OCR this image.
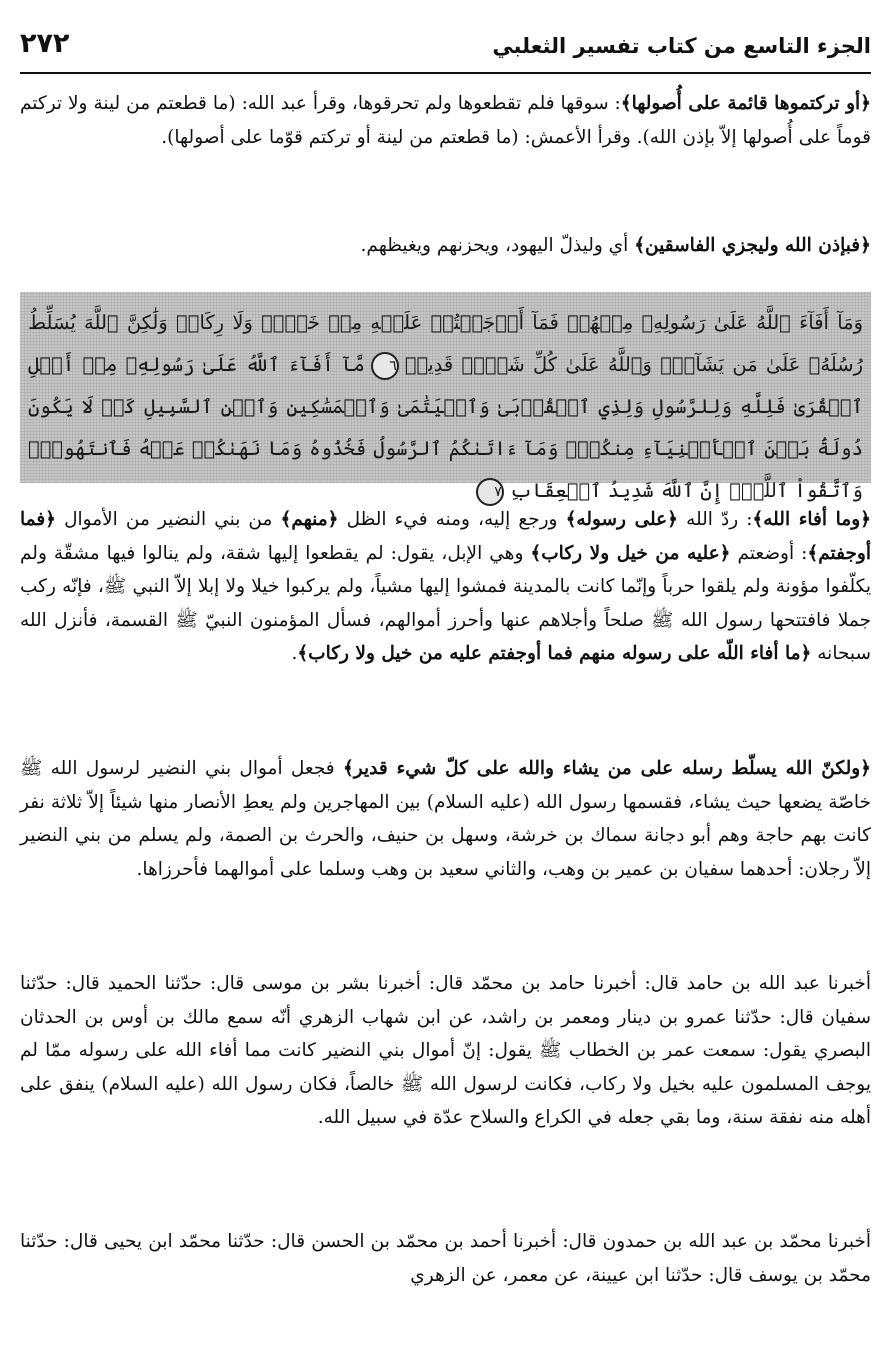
٢٧٢	الجزء التاسع من كتاب تفسير الثعلبي

﴿أو تركتموها قائمة على أُصولها﴾: سوقها فلم تقطعوها ولم تحرقوها، وقرأ عبد الله: (ما قطعتم من لينة ولا تركتم قوماً على أُصولها إلاّ بإذن الله). وقرأ الأعمش: (ما قطعتم من لينة أو تركتم قوّما على أصولها).

﴿فبإذن الله وليجزي الفاسقين﴾ أي وليذلّ اليهود، ويحزنهم ويغيظهم.

وَمَآ أَفَآءَ ٱللَّهُ عَلَىٰ رَسُولِهِۦ مِنۡهُمۡ فَمَآ أَوۡجَفۡتُمۡ عَلَيۡهِ مِنۡ خَيۡلٖ وَلَا رِكَابٖ وَلَٰكِنَّ ٱللَّهَ يُسَلِّطُ رُسُلَهُۥ عَلَىٰ مَن يَشَآءُۚ وَٱللَّهُ عَلَىٰ كُلِّ شَيۡءٖ قَدِيرٞ٦مَّآ أَفَآءَ ٱللَّهُ عَلَىٰ رَسُولِهِۦ مِنۡ أَهۡلِ ٱلۡقُرَىٰ فَلِلَّهِ وَلِلرَّسُولِ وَلِذِي ٱلۡقُرۡبَىٰ وَٱلۡيَتَٰمَىٰ وَٱلۡمَسَٰكِينِ وَٱبۡنِ ٱلسَّبِيلِ كَيۡ لَا يَكُونَ دُولَةَۢ بَيۡنَ ٱلۡأَغۡنِيَآءِ مِنكُمۡۚ وَمَآ ءَاتَىٰكُمُ ٱلرَّسُولُ فَخُذُوهُ وَمَا نَهَىٰكُمۡ عَنۡهُ فَٱنتَهُواْۚ وَٱتَّقُواْ ٱللَّهَۖ إِنَّ ٱللَّهَ شَدِيدُ ٱلۡعِقَابِ٧

﴿وما أفاء الله﴾: ردّ الله ﴿على رسوله﴾ ورجع إليه، ومنه فيء الظل ﴿منهم﴾ من بني النضير من الأموال ﴿فما أوجفتم﴾: أوضعتم ﴿عليه من خيل ولا ركاب﴾ وهي الإبل، يقول: لم يقطعوا إليها شقة، ولم ينالوا فيها مشقّة ولم يكلّفوا مؤونة ولم يلقوا حرباً وإنّما كانت بالمدينة فمشوا إليها مشياً، ولم يركبوا خيلا ولا إبلا إلاّ النبي ﷺ، فإنّه ركب جملا فافتتحها رسول الله ﷺ صلحاً وأجلاهم عنها وأحرز أموالهم، فسأل المؤمنون النبيّ ﷺ القسمة، فأنزل الله سبحانه ﴿ما أفاء اللّه على رسوله منهم فما أوجفتم عليه من خيل ولا ركاب﴾.

﴿ولكنّ الله يسلّط رسله على من يشاء والله على كلّ شيء قدير﴾ فجعل أموال بني النضير لرسول الله ﷺ خاصّة يضعها حيث يشاء، فقسمها رسول الله (عليه السلام) بين المهاجرين ولم يعطِ الأنصار منها شيئاً إلاّ ثلاثة نفر كانت بهم حاجة وهم أبو دجانة سماك بن خرشة، وسهل بن حنيف، والحرث بن الصمة، ولم يسلم من بني النضير إلاّ رجلان: أحدهما سفيان بن عمير بن وهب، والثاني سعيد بن وهب وسلما على أموالهما فأحرزاها.

أخبرنا عبد الله بن حامد قال: أخبرنا حامد بن محمّد قال: أخبرنا بشر بن موسى قال: حدّثنا الحميد قال: حدّثنا سفيان قال: حدّثنا عمرو بن دينار ومعمر بن راشد، عن ابن شهاب الزهري أنّه سمع مالك بن أوس بن الحدثان البصري يقول: سمعت عمر بن الخطاب ﷺ يقول: إنّ أموال بني النضير كانت مما أفاء الله على رسوله ممّا لم يوجف المسلمون عليه بخيل ولا ركاب، فكانت لرسول الله ﷺ خالصاً، فكان رسول الله (عليه السلام) ينفق على أهله منه نفقة سنة، وما بقي جعله في الكراع والسلاح عدّة في سبيل الله.

أخبرنا محمّد بن عبد الله بن حمدون قال: أخبرنا أحمد بن محمّد بن الحسن قال: حدّثنا محمّد ابن يحيى قال: حدّثنا محمّد بن يوسف قال: حدّثنا ابن عيينة، عن معمر، عن الزهري
